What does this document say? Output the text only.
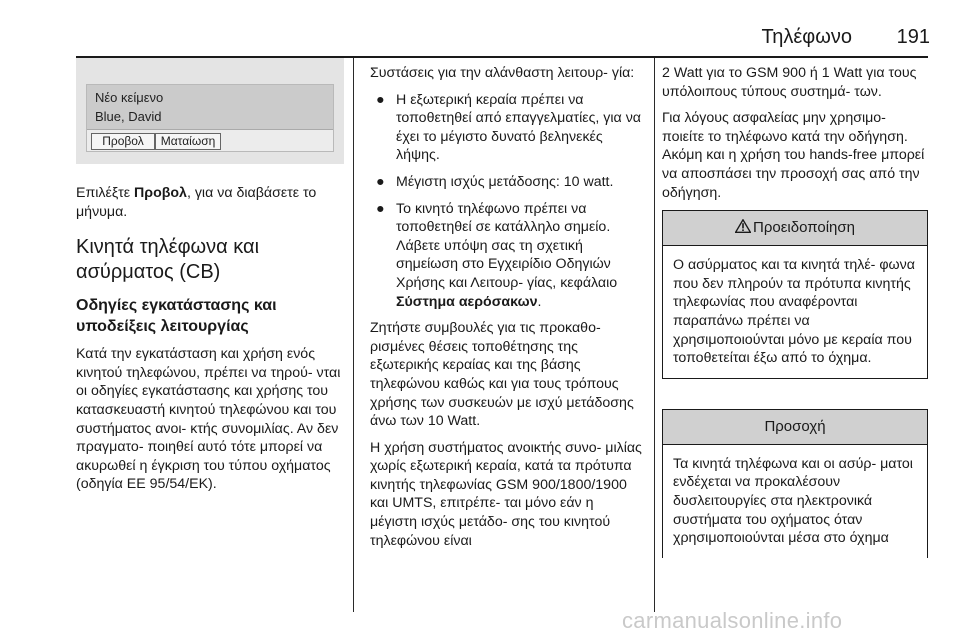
Τηλέφωνο 191
Νέο κείμενο
Blue, David
Προβολ	Ματαίωση

Επιλέξτε Προβολ, για να διαβάσετε το μήνυμα.

Κινητά τηλέφωνα και ασύρματος (CB)
Οδηγίες εγκατάστασης και υποδείξεις λειτουργίας

Κατά την εγκατάσταση και χρήση ενός κινητού τηλεφώνου, πρέπει να τηρού- νται οι οδηγίες εγκατάστασης και χρήσης του κατασκευαστή κινητού τηλεφώνου και του συστήματος ανοι- κτής συνομιλίας. Αν δεν πραγματο- ποιηθεί αυτό τότε μπορεί να ακυρωθεί η έγκριση του τύπου οχήματος (οδηγία ΕΕ 95/54/ΕΚ).

Συστάσεις για την αλάνθαστη λειτουρ- γία:

● Η εξωτερική κεραία πρέπει να τοποθετηθεί από επαγγελματίες, για να έχει το μέγιστο δυνατό βεληνεκές λήψης.
● Μέγιστη ισχύς μετάδοσης: 10 watt.
● Το κινητό τηλέφωνο πρέπει να τοποθετηθεί σε κατάλληλο σημείο. Λάβετε υπόψη σας τη σχετική σημείωση στο Εγχειρίδιο Οδηγιών Χρήσης και Λειτουρ- γίας, κεφάλαιο Σύστημα αερόσακων.

Ζητήστε συμβουλές για τις προκαθο- ρισμένες θέσεις τοποθέτησης της εξωτερικής κεραίας και της βάσης τηλεφώνου καθώς και για τους τρόπους χρήσης των συσκευών με ισχύ μετάδοσης άνω των 10 Watt.

Η χρήση συστήματος ανοικτής συνο- μιλίας χωρίς εξωτερική κεραία, κατά τα πρότυπα κινητής τηλεφωνίας GSM 900/1800/1900 και UMTS, επιτρέπε- ται μόνο εάν η μέγιστη ισχύς μετάδο- σης του κινητού τηλεφώνου είναι

2 Watt για το GSM 900 ή 1 Watt για τους υπόλοιπους τύπους συστημά- των.

Για λόγους ασφαλείας μην χρησιμο- ποιείτε το τηλέφωνο κατά την οδήγηση. Ακόμη και η χρήση του hands-free μπορεί να αποσπάσει την προσοχή σας από την οδήγηση.

Προειδοποίηση
Ο ασύρματος και τα κινητά τηλέ- φωνα που δεν πληρούν τα πρότυπα κινητής τηλεφωνίας που αναφέρονται παραπάνω πρέπει να χρησιμοποιούνται μόνο με κεραία που τοποθετείται έξω από το όχημα.
Προσοχή
Τα κινητά τηλέφωνα και οι ασύρ- ματοι ενδέχεται να προκαλέσουν δυσλειτουργίες στα ηλεκτρονικά συστήματα του οχήματος όταν χρησιμοποιούνται μέσα στο όχημα
carmanualsonline.info
